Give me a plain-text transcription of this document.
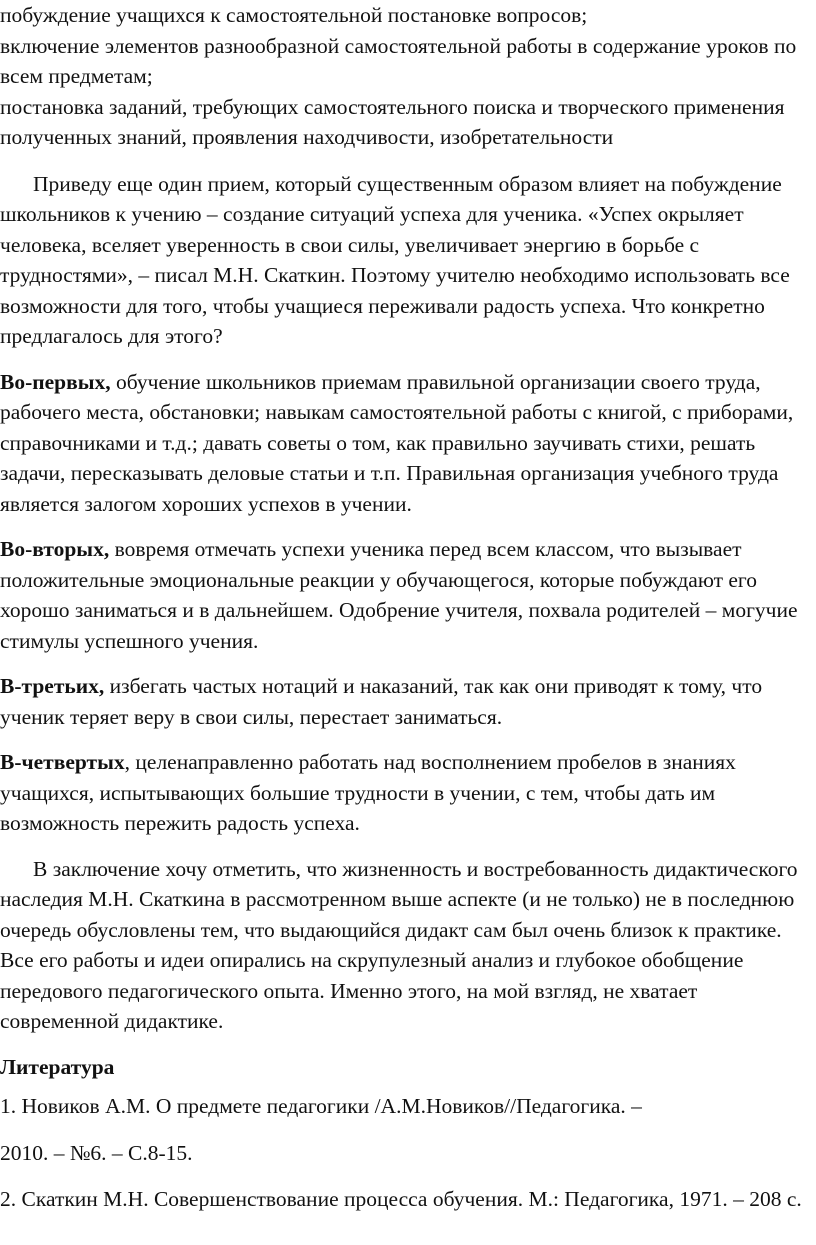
побуждение учащихся к самостоятельной постановке вопросов;

включение элементов разнообразной самостоятельной работы в содержание уроков по всем предметам;

постановка заданий, требующих самостоятельного поиска и творческого применения полученных знаний, проявления находчивости, изобретательности

Приведу еще один прием, который существенным образом влияет на побуждение школьников к учению – создание ситуаций успеха для ученика. «Успех окрыляет человека, вселяет уверенность в свои силы, увеличивает энергию в борьбе с трудностями», – писал М.Н. Скаткин. Поэтому учителю необходимо использовать все возможности для того, чтобы учащиеся переживали радость успеха. Что конкретно предлагалось для этого?

Во-первых, обучение школьников приемам правильной организации своего труда, рабочего места, обстановки; навыкам самостоятельной работы с книгой, с приборами, справочниками и т.д.; давать советы о том, как правильно заучивать стихи, решать задачи, пересказывать деловые статьи и т.п. Правильная организация учебного труда является залогом хороших успехов в учении.

Во-вторых, вовремя отмечать успехи ученика перед всем классом, что вызывает положительные эмоциональные реакции у обучающегося, которые побуждают его хорошо заниматься и в дальнейшем. Одобрение учителя, похвала родителей – могучие стимулы успешного учения.

В-третьих, избегать частых нотаций и наказаний, так как они приводят к тому, что ученик теряет веру в свои силы, перестает заниматься.

В-четвертых, целенаправленно работать над восполнением пробелов в знаниях учащихся, испытывающих большие трудности в учении, с тем, чтобы дать им возможность пережить радость успеха.

В заключение хочу отметить, что жизненность и востребованность дидактического наследия М.Н. Скаткина в рассмотренном выше аспекте (и не только) не в последнюю очередь обусловлены тем, что выдающийся дидакт сам был очень близок к практике. Все его работы и идеи опирались на скрупулезный анализ и глубокое обобщение передового педагогического опыта. Именно этого, на мой взгляд, не хватает современной дидактике.

Литература

1. Новиков А.М. О предмете педагогики /А.М.Новиков//Педагогика. –

2010. – №6. – С.8-15.

2. Скаткин М.Н. Совершенствование процесса обучения. М.: Педагогика, 1971. – 208 с.
